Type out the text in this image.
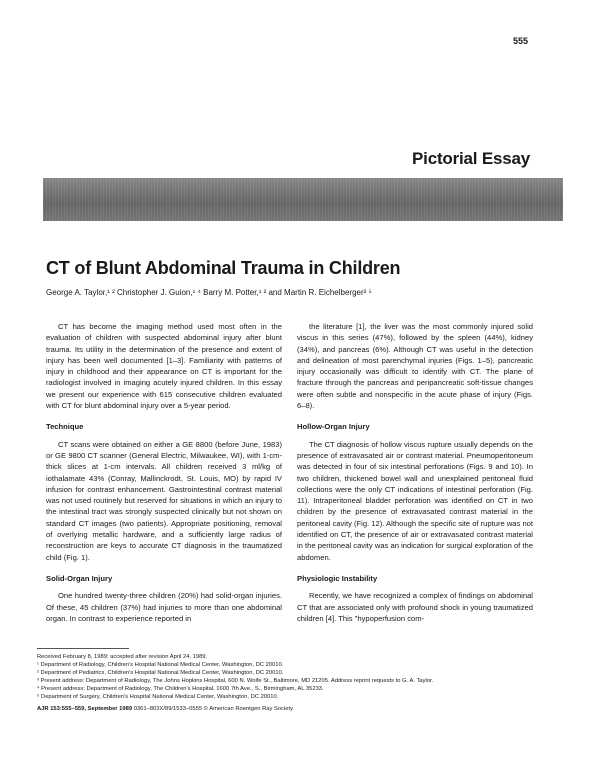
555
Pictorial Essay
CT of Blunt Abdominal Trauma in Children

George A. Taylor,¹ ² Christopher J. Guion,¹ ⁴ Barry M. Potter,¹ ² and Martin R. Eichelberger² ⁵

CT has become the imaging method used most often in the evaluation of children with suspected abdominal injury after blunt trauma. Its utility in the determination of the presence and extent of injury has been well documented [1–3]. Familiarity with patterns of injury in childhood and their appearance on CT is important for the radiologist involved in imaging acutely injured children. In this essay we present our experience with 615 consecutive children evaluated with CT for blunt abdominal injury over a 5-year period.

Technique

CT scans were obtained on either a GE 8800 (before June, 1983) or GE 9800 CT scanner (General Electric, Milwaukee, WI), with 1-cm-thick slices at 1-cm intervals. All children received 3 ml/kg of iothalamate 43% (Conray, Mallinckrodt, St. Louis, MO) by rapid IV infusion for contrast enhancement. Gastrointestinal contrast material was not used routinely but reserved for situations in which an injury to the intestinal tract was strongly suspected clinically but not shown on standard CT images (two patients). Appropriate positioning, removal of overlying metallic hardware, and a sufficiently large radius of reconstruction are keys to accurate CT diagnosis in the traumatized child (Fig. 1).

Solid-Organ Injury

One hundred twenty-three children (20%) had solid-organ injuries. Of these, 45 children (37%) had injuries to more than one abdominal organ. In contrast to experience reported in

the literature [1], the liver was the most commonly injured solid viscus in this series (47%), followed by the spleen (44%), kidney (34%), and pancreas (6%). Although CT was useful in the detection and delineation of most parenchymal injuries (Figs. 1–5), pancreatic injury occasionally was difficult to identify with CT. The plane of fracture through the pancreas and peripancreatic soft-tissue changes were often subtle and nonspecific in the acute phase of injury (Figs. 6–8).

Hollow-Organ Injury

The CT diagnosis of hollow viscus rupture usually depends on the presence of extravasated air or contrast material. Pneumoperitoneum was detected in four of six intestinal perforations (Figs. 9 and 10). In two children, thickened bowel wall and unexplained peritoneal fluid collections were the only CT indications of intestinal perforation (Fig. 11). Intraperitoneal bladder perforation was identified on CT in two children by the presence of extravasated contrast material in the peritoneal cavity (Fig. 12). Although the specific site of rupture was not identified on CT, the presence of air or extravasated contrast material in the peritoneal cavity was an indication for surgical exploration of the abdomen.

Physiologic Instability

Recently, we have recognized a complex of findings on abdominal CT that are associated only with profound shock in young traumatized children [4]. This "hypoperfusion com-

Received February 8, 1989; accepted after revision April 24, 1989.
¹ Department of Radiology, Children's Hospital National Medical Center, Washington, DC 20010.
² Department of Pediatrics, Children's Hospital National Medical Center, Washington, DC 20010.
³ Present address: Department of Radiology, The Johns Hopkins Hospital, 600 N. Wolfe St., Baltimore, MD 21205. Address reprint requests to G. A. Taylor.
⁴ Present address: Department of Radiology, The Children's Hospital, 1600 7th Ave., S., Birmingham, AL 35233.
⁵ Department of Surgery, Children's Hospital National Medical Center, Washington, DC 20010.
AJR 153:555–559, September 1989 0361–803X/89/1533–0555 © American Roentgen Ray Society
